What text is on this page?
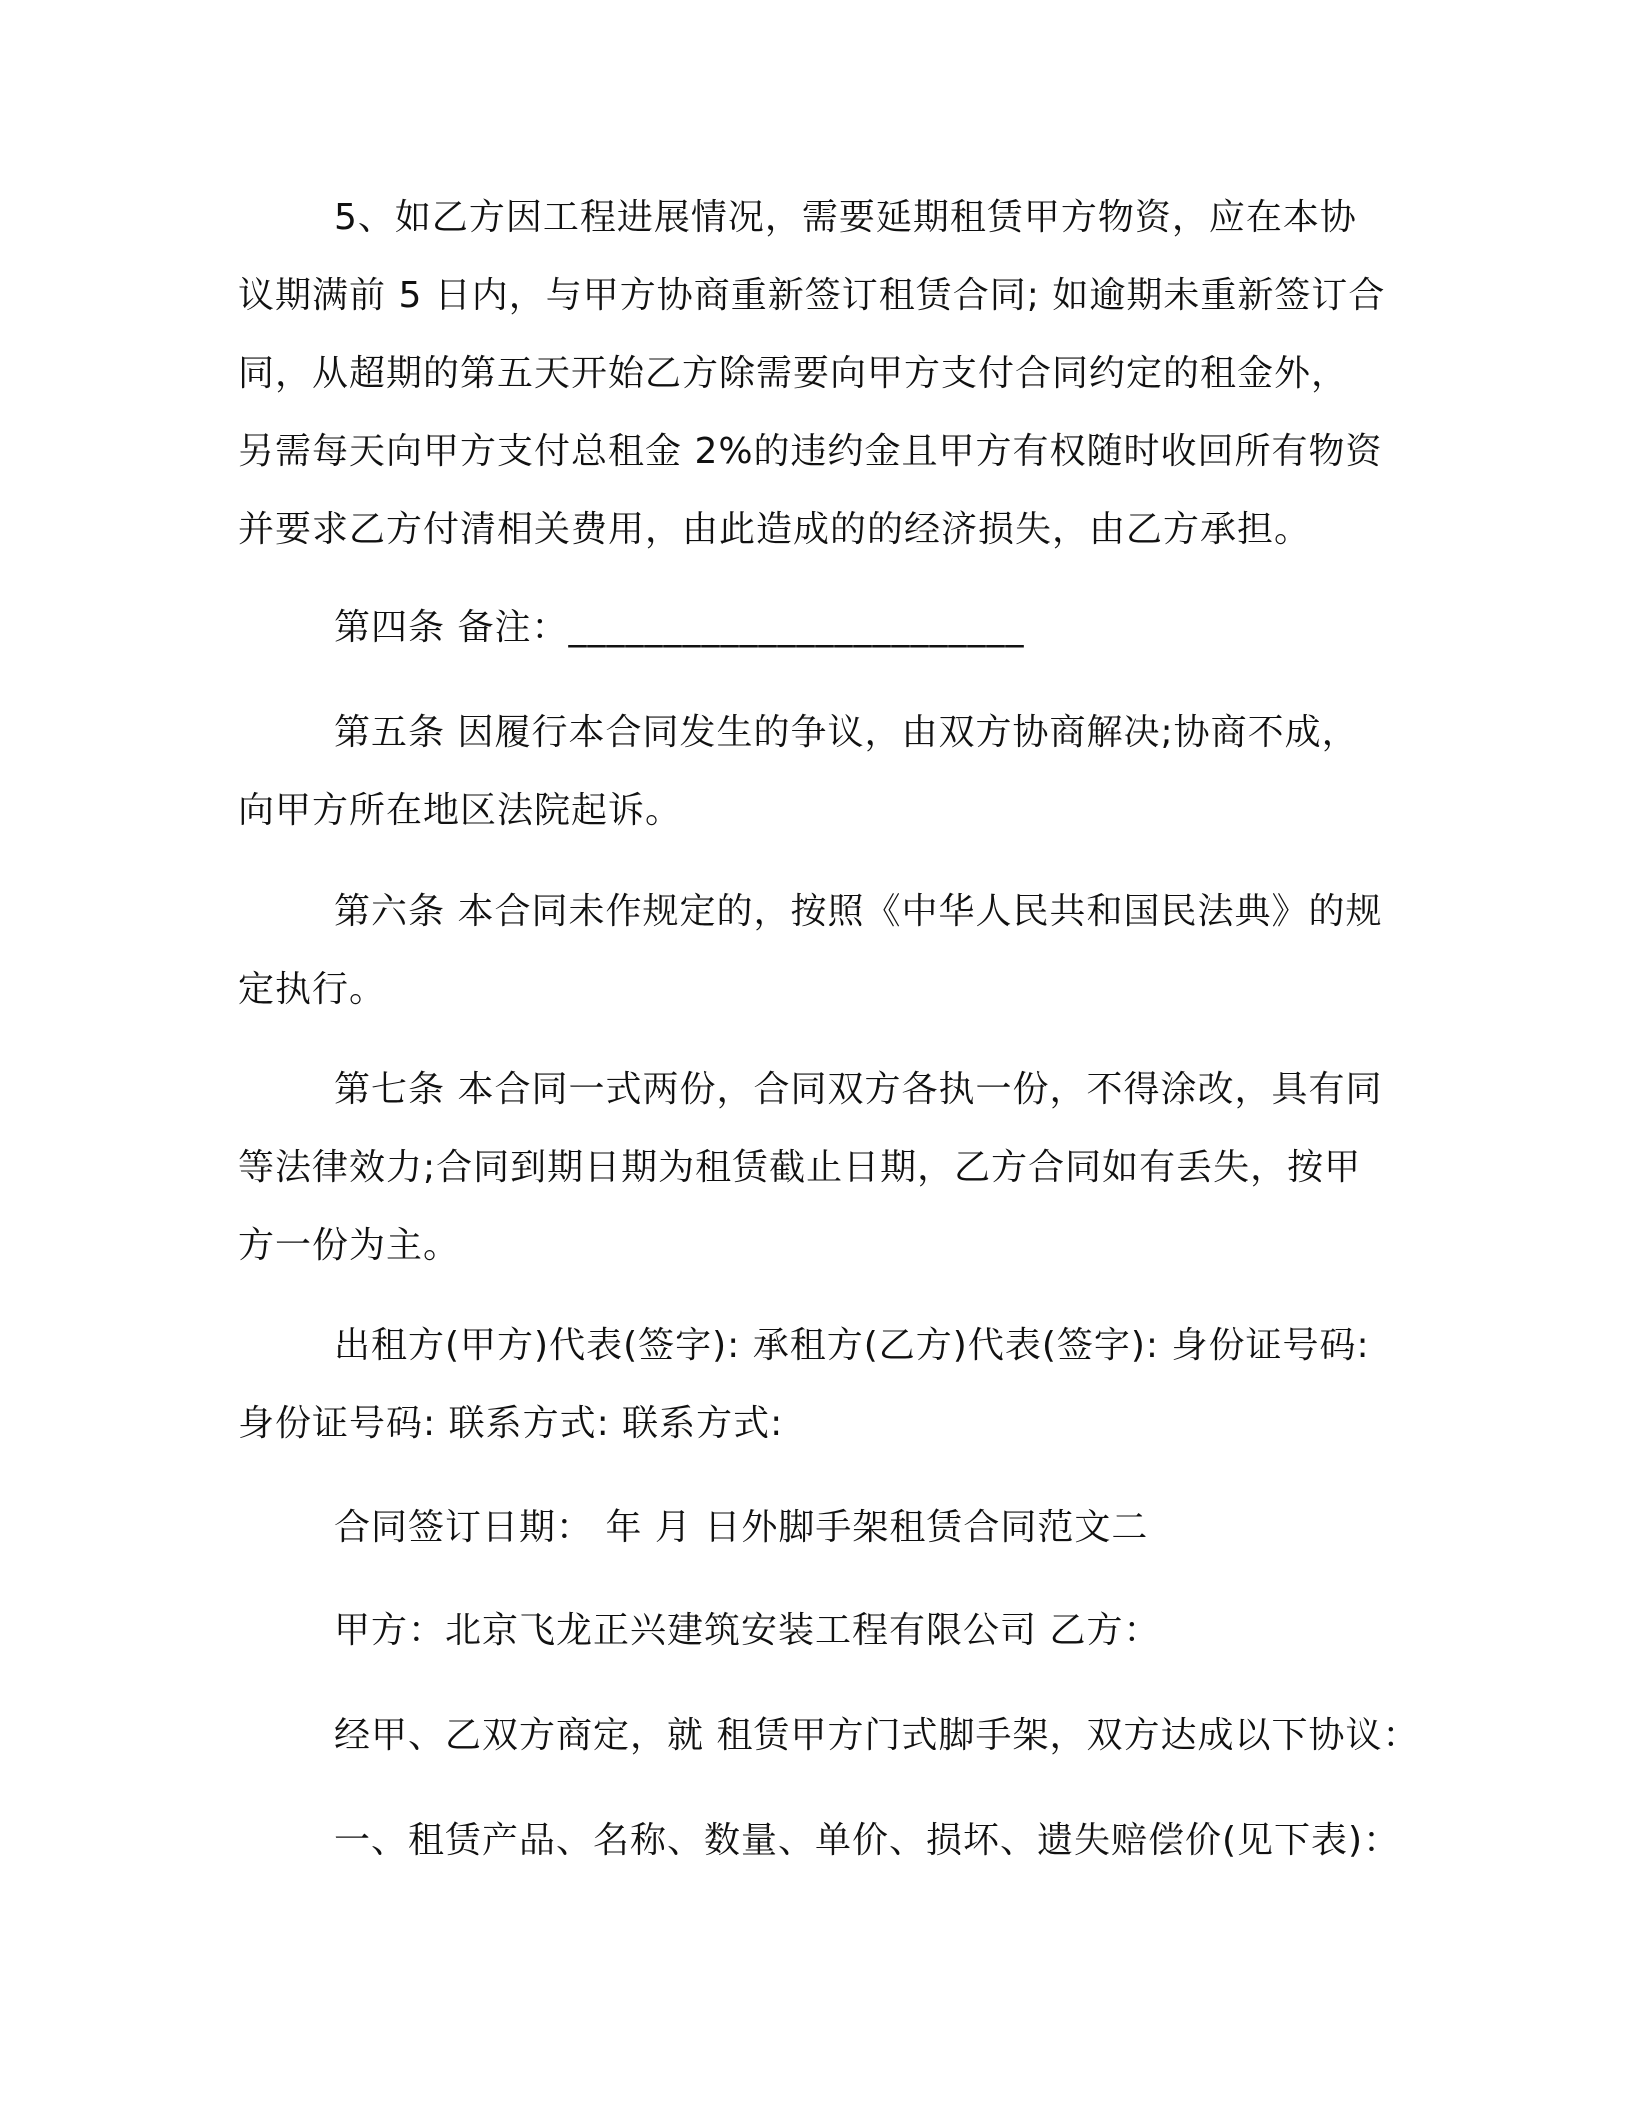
5、如乙方因工程进展情况，需要延期租赁甲方物资，应在本协
议期满前 5 日内，与甲方协商重新签订租赁合同; 如逾期未重新签订合
同，从超期的第五天开始乙方除需要向甲方支付合同约定的租金外，
另需每天向甲方支付总租金 2%的违约金且甲方有权随时收回所有物资
并要求乙方付清相关费用，由此造成的的经济损失，由乙方承担。
第四条 备注：________________________
第五条 因履行本合同发生的争议，由双方协商解决;协商不成，
向甲方所在地区法院起诉。
第六条 本合同未作规定的，按照《中华人民共和国民法典》的规
定执行。
第七条 本合同一式两份，合同双方各执一份，不得涂改，具有同
等法律效力;合同到期日期为租赁截止日期，乙方合同如有丢失，按甲
方一份为主。
出租方(甲方)代表(签字): 承租方(乙方)代表(签字): 身份证号码:
身份证号码: 联系方式: 联系方式:
合同签订日期： 年 月 日外脚手架租赁合同范文二
甲方：北京飞龙正兴建筑安装工程有限公司 乙方：
经甲、乙双方商定，就 租赁甲方门式脚手架，双方达成以下协议：
一、租赁产品、名称、数量、单价、损坏、遗失赔偿价(见下表)：
